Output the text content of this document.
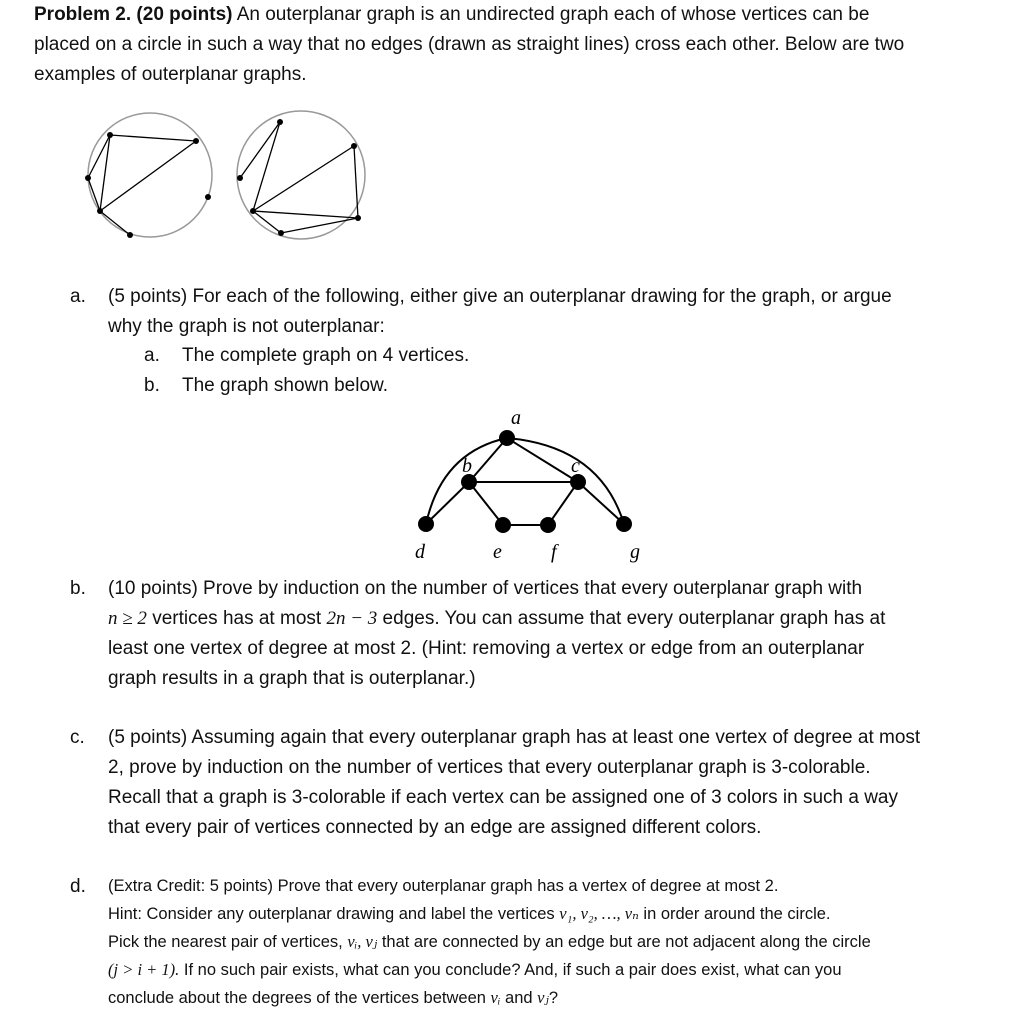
Problem 2. (20 points) An outerplanar graph is an undirected graph each of whose vertices can be
placed on a circle in such a way that no edges (drawn as straight lines) cross each other. Below are two
examples of outerplanar graphs.
a. (5 points) For each of the following, either give an outerplanar drawing for the graph, or argue
why the graph is not outerplanar:
a. The complete graph on 4 vertices.
b. The graph shown below.
a
b	c
d	e f	g
b. (10 points) Prove by induction on the number of vertices that every outerplanar graph with
n ≥ 2 vertices has at most 2n − 3 edges. You can assume that every outerplanar graph has at
least one vertex of degree at most 2. (Hint: removing a vertex or edge from an outerplanar
graph results in a graph that is outerplanar.)
c. (5 points) Assuming again that every outerplanar graph has at least one vertex of degree at most
2, prove by induction on the number of vertices that every outerplanar graph is 3-colorable.
Recall that a graph is 3-colorable if each vertex can be assigned one of 3 colors in such a way
that every pair of vertices connected by an edge are assigned different colors.
d. (Extra Credit: 5 points) Prove that every outerplanar graph has a vertex of degree at most 2.
Hint: Consider any outerplanar drawing and label the vertices v₁, v₂, …, vₙ in order around the circle.
Pick the nearest pair of vertices, vᵢ, vⱼ that are connected by an edge but are not adjacent along the circle
(j > i + 1). If no such pair exists, what can you conclude? And, if such a pair does exist, what can you
conclude about the degrees of the vertices between vᵢ and vⱼ?
